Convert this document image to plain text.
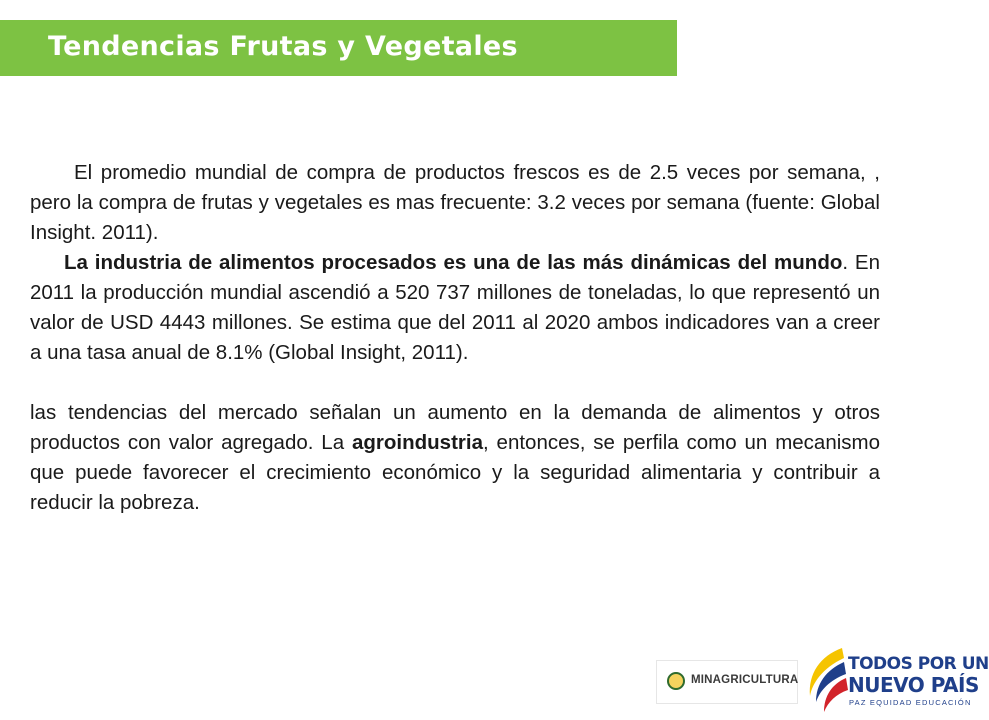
Tendencias Frutas y Vegetales

El promedio mundial de compra de productos frescos es de 2.5 veces por semana, , pero la compra de frutas y vegetales es mas frecuente: 3.2 veces por semana (fuente: Global Insight. 2011).

La industria de alimentos procesados es una de las más dinámicas del mundo. En 2011 la producción mundial ascendió a 520 737 millones de toneladas, lo que representó un valor de USD 4443 millones. Se estima que del 2011 al 2020 ambos indicadores van a creer a una tasa anual de 8.1% (Global Insight, 2011).

las tendencias del mercado señalan un aumento en la demanda de alimentos y otros productos con valor agregado. La agroindustria, entonces, se perfila como un mecanismo que puede favorecer el crecimiento económico y la seguridad alimentaria y contribuir a reducir la pobreza.

MINAGRICULTURA
TODOS POR UN
NUEVO PAÍS
PAZ EQUIDAD EDUCACIÓN
